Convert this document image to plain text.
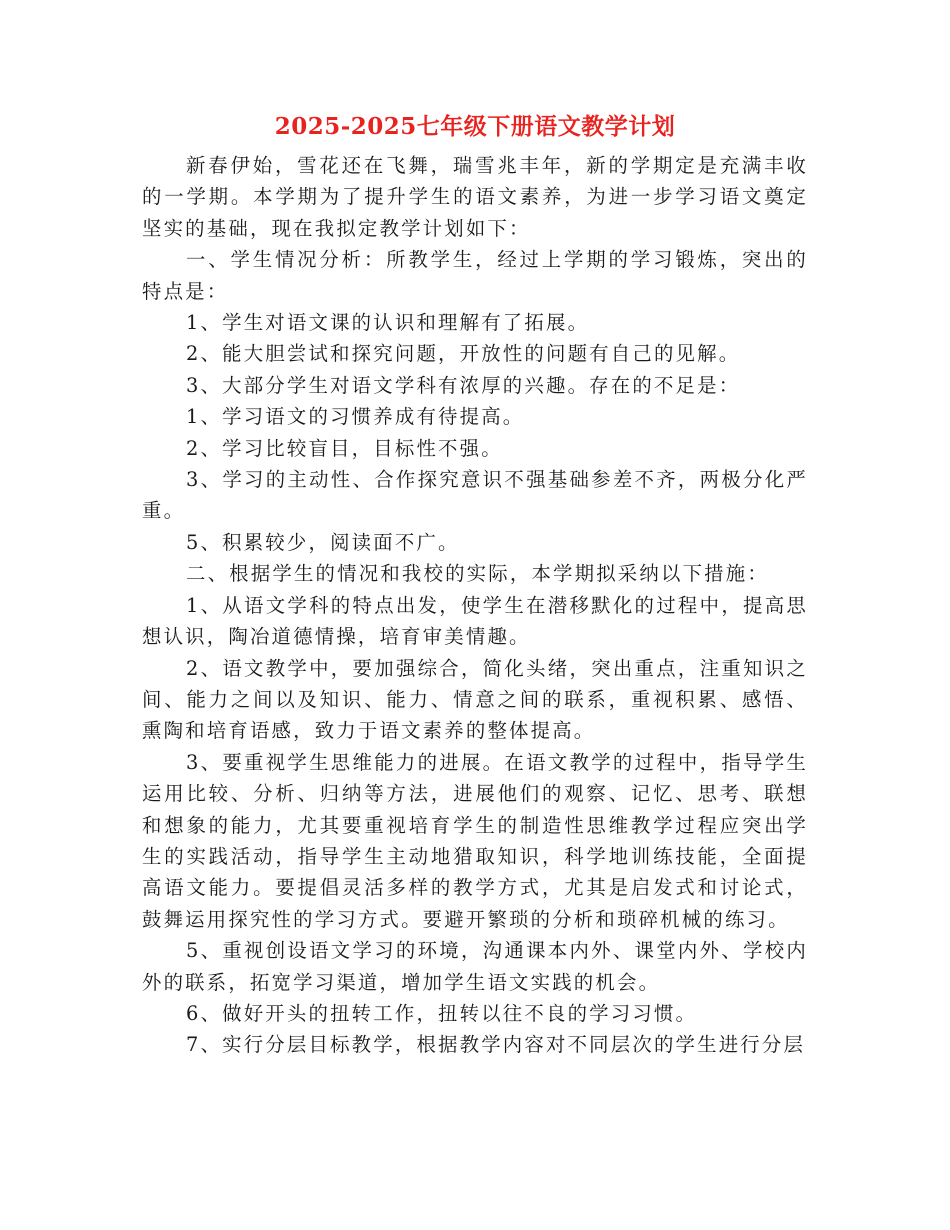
2025-2025七年级下册语文教学计划

新春伊始，雪花还在飞舞，瑞雪兆丰年，新的学期定是充满丰收的一学期。本学期为了提升学生的语文素养，为进一步学习语文奠定坚实的基础，现在我拟定教学计划如下：

一、学生情况分析：所教学生，经过上学期的学习锻炼，突出的特点是：

1、学生对语文课的认识和理解有了拓展。

2、能大胆尝试和探究问题，开放性的问题有自己的见解。

3、大部分学生对语文学科有浓厚的兴趣。存在的不足是：

1、学习语文的习惯养成有待提高。

2、学习比较盲目，目标性不强。

3、学习的主动性、合作探究意识不强基础参差不齐，两极分化严重。

5、积累较少，阅读面不广。

二、根据学生的情况和我校的实际，本学期拟采纳以下措施：

1、从语文学科的特点出发，使学生在潜移默化的过程中，提高思想认识，陶冶道德情操，培育审美情趣。

2、语文教学中，要加强综合，简化头绪，突出重点，注重知识之间、能力之间以及知识、能力、情意之间的联系，重视积累、感悟、熏陶和培育语感，致力于语文素养的整体提高。

3、要重视学生思维能力的进展。在语文教学的过程中，指导学生运用比较、分析、归纳等方法，进展他们的观察、记忆、思考、联想和想象的能力，尤其要重视培育学生的制造性思维教学过程应突出学生的实践活动，指导学生主动地猎取知识，科学地训练技能，全面提高语文能力。要提倡灵活多样的教学方式，尤其是启发式和讨论式，鼓舞运用探究性的学习方式。要避开繁琐的分析和琐碎机械的练习。

5、重视创设语文学习的环境，沟通课本内外、课堂内外、学校内外的联系，拓宽学习渠道，增加学生语文实践的机会。

6、做好开头的扭转工作，扭转以往不良的学习习惯。

7、实行分层目标教学，根据教学内容对不同层次的学生进行分层
